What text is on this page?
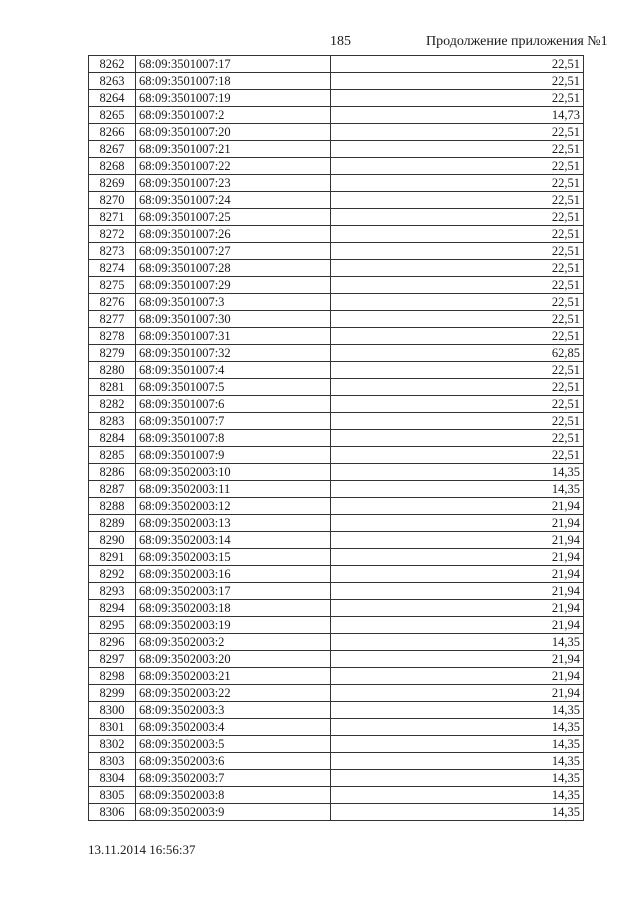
185	Продолжение приложения №1
8262	68:09:3501007:17	22,51
8263	68:09:3501007:18	22,51
8264	68:09:3501007:19	22,51
8265	68:09:3501007:2	14,73
8266	68:09:3501007:20	22,51
8267	68:09:3501007:21	22,51
8268	68:09:3501007:22	22,51
8269	68:09:3501007:23	22,51
8270	68:09:3501007:24	22,51
8271	68:09:3501007:25	22,51
8272	68:09:3501007:26	22,51
8273	68:09:3501007:27	22,51
8274	68:09:3501007:28	22,51
8275	68:09:3501007:29	22,51
8276	68:09:3501007:3	22,51
8277	68:09:3501007:30	22,51
8278	68:09:3501007:31	22,51
8279	68:09:3501007:32	62,85
8280	68:09:3501007:4	22,51
8281	68:09:3501007:5	22,51
8282	68:09:3501007:6	22,51
8283	68:09:3501007:7	22,51
8284	68:09:3501007:8	22,51
8285	68:09:3501007:9	22,51
8286	68:09:3502003:10	14,35
8287	68:09:3502003:11	14,35
8288	68:09:3502003:12	21,94
8289	68:09:3502003:13	21,94
8290	68:09:3502003:14	21,94
8291	68:09:3502003:15	21,94
8292	68:09:3502003:16	21,94
8293	68:09:3502003:17	21,94
8294	68:09:3502003:18	21,94
8295	68:09:3502003:19	21,94
8296	68:09:3502003:2	14,35
8297	68:09:3502003:20	21,94
8298	68:09:3502003:21	21,94
8299	68:09:3502003:22	21,94
8300	68:09:3502003:3	14,35
8301	68:09:3502003:4	14,35
8302	68:09:3502003:5	14,35
8303	68:09:3502003:6	14,35
8304	68:09:3502003:7	14,35
8305	68:09:3502003:8	14,35
8306	68:09:3502003:9	14,35
13.11.2014 16:56:37
